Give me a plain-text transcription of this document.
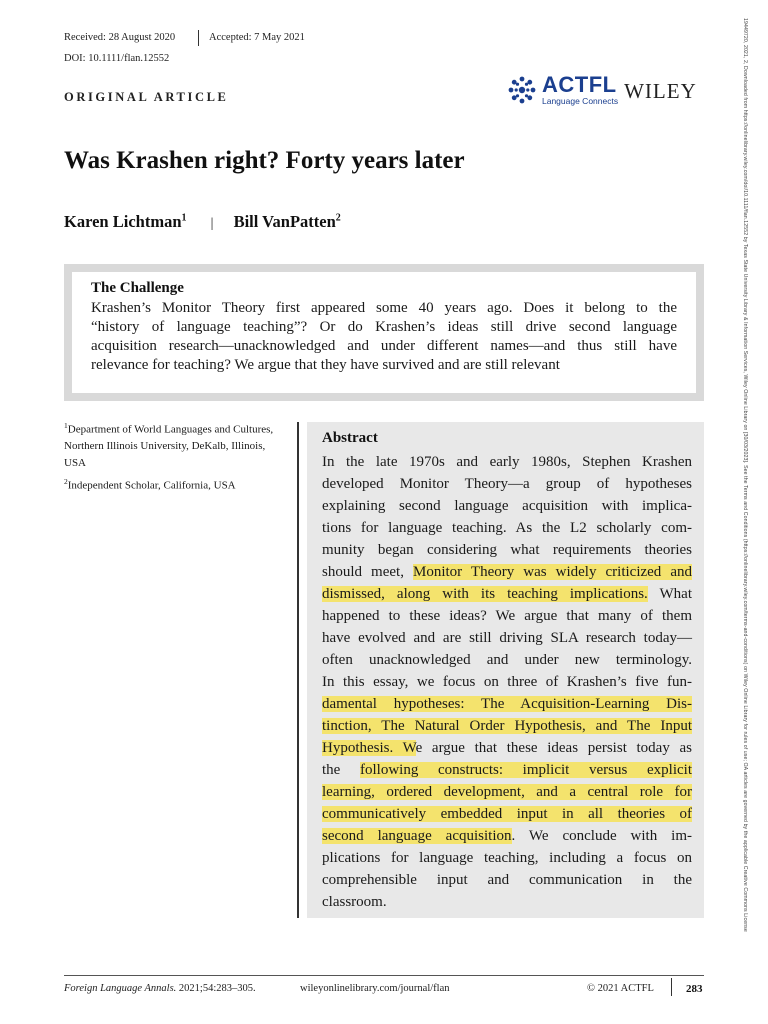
Received: 28 August 2020	Accepted: 7 May 2021
DOI: 10.1111/flan.12552
ORIGINAL ARTICLE	ACTFL
Language Connects WILEY
Was Krashen right? Forty years later
Karen Lichtman$^1$ | Bill VanPatten$^2$
The Challenge
Krashen’s Monitor Theory first appeared some 40 years ago. Does it belong to the
“history of language teaching”? Or do Krashen’s ideas still drive second language
acquisition research—unacknowledged and under different names—and thus still have
relevance for teaching? We argue that they have survived and are still relevant
$^1$Department of World Languages and Cultures, Northern Illinois University, DeKalb, Illinois, USA
$^2$Independent Scholar, California, USA
Abstract
In the late 1970s and early 1980s, Stephen Krashen
developed Monitor Theory—a group of hypotheses
explaining second language acquisition with implica-
tions for language teaching. As the L2 scholarly com-
munity began considering what requirements theories
should meet, Monitor Theory was widely criticized and
dismissed, along with its teaching implications. What
happened to these ideas? We argue that many of them
have evolved and are still driving SLA research today—
often unacknowledged and under new terminology.
In this essay, we focus on three of Krashen’s five fun-
damental hypotheses: The Acquisition-Learning Dis-
tinction, The Natural Order Hypothesis, and The Input
Hypothesis. We argue that these ideas persist today as
the following constructs: implicit versus explicit
learning, ordered development, and a central role for
communicatively embedded input in all theories of
second language acquisition. We conclude with im-
plications for language teaching, including a focus on
comprehensible input and communication in the
classroom.
Foreign Language Annals. 2021;54:283–305.	wileyonlinelibrary.com/journal/flan	© 2021 ACTFL	283
19449720, 2021, 2, Downloaded from https://onlinelibrary.wiley.com/doi/10.1111/flan.12552 by Texas State University Library & Information Services, Wiley Online Library on [30/03/2023]. See the Terms and Conditions (https://onlinelibrary.wiley.com/terms-and-conditions) on Wiley Online Library for rules of use; OA articles are governed by the applicable Creative Commons License
